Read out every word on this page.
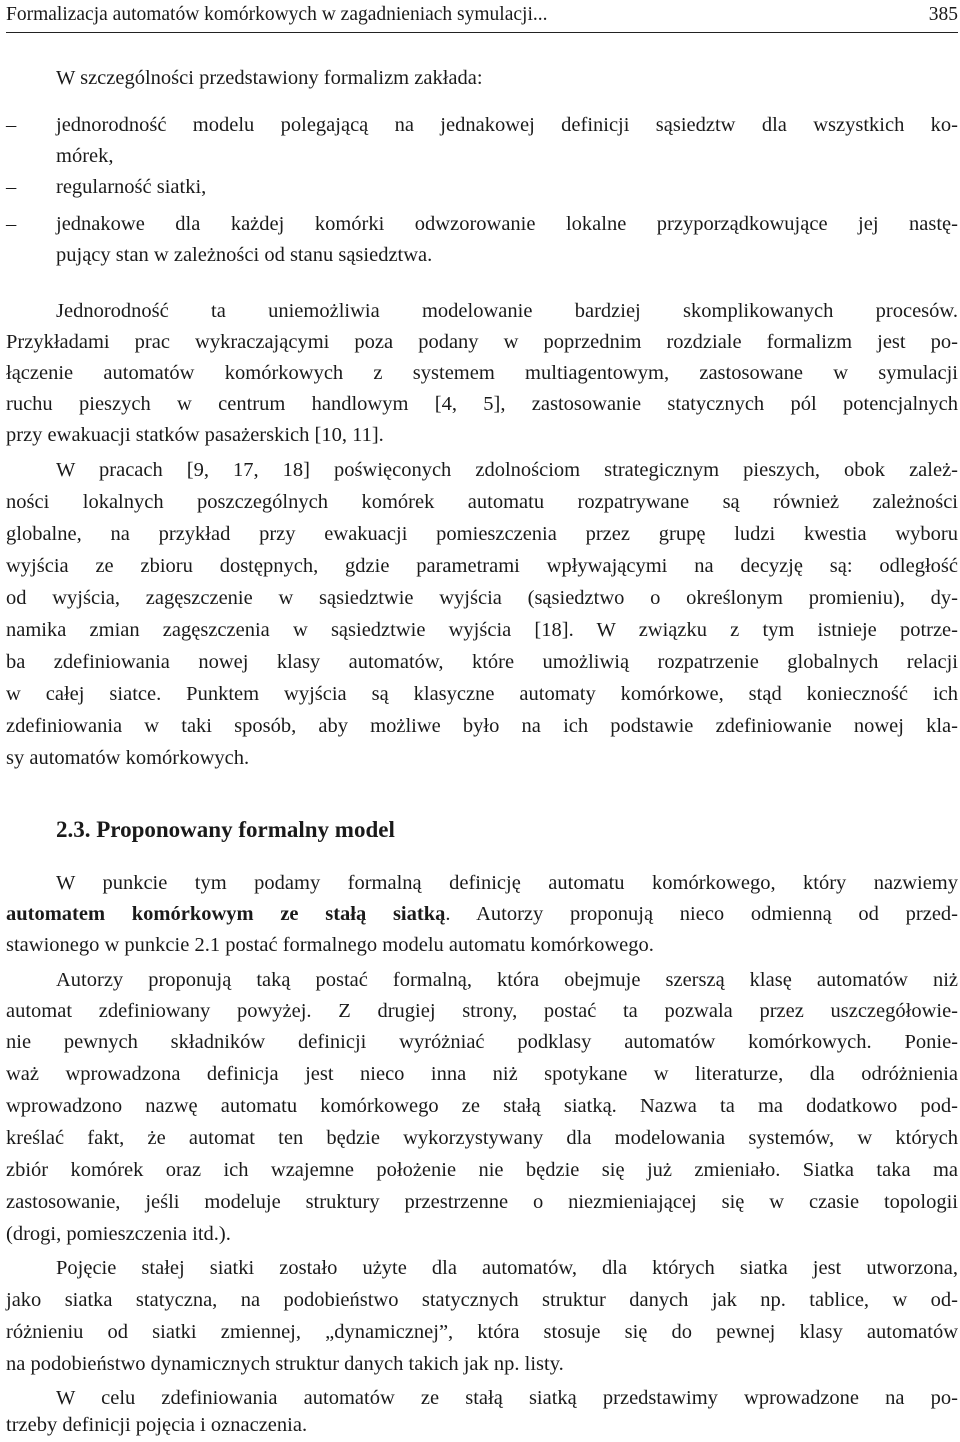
Formalizacja automatów komórkowych w zagadnieniach symulacji...	385
W szczególności przedstawiony formalizm zakłada:
– jednorodność modelu polegającą na jednakowej definicji sąsiedztw dla wszystkich ko-
mórek,
– regularność siatki,
– jednakowe dla każdej komórki odwzorowanie lokalne przyporządkowujące jej nastę-
pujący stan w zależności od stanu sąsiedztwa.
Jednorodność ta uniemożliwia modelowanie bardziej skomplikowanych procesów.
Przykładami prac wykraczającymi poza podany w poprzednim rozdziale formalizm jest po-
łączenie automatów komórkowych z systemem multiagentowym, zastosowane w symulacji
ruchu pieszych w centrum handlowym [4, 5], zastosowanie statycznych pól potencjalnych
przy ewakuacji statków pasażerskich [10, 11].
W pracach [9, 17, 18] poświęconych zdolnościom strategicznym pieszych, obok zależ-
ności lokalnych poszczególnych komórek automatu rozpatrywane są również zależności
globalne, na przykład przy ewakuacji pomieszczenia przez grupę ludzi kwestia wyboru
wyjścia ze zbioru dostępnych, gdzie parametrami wpływającymi na decyzję są: odległość
od wyjścia, zagęszczenie w sąsiedztwie wyjścia (sąsiedztwo o określonym promieniu), dy-
namika zmian zagęszczenia w sąsiedztwie wyjścia [18]. W związku z tym istnieje potrze-
ba zdefiniowania nowej klasy automatów, które umożliwią rozpatrzenie globalnych relacji
w całej siatce. Punktem wyjścia są klasyczne automaty komórkowe, stąd konieczność ich
zdefiniowania w taki sposób, aby możliwe było na ich podstawie zdefiniowanie nowej kla-
sy automatów komórkowych.
2.3. Proponowany formalny model
W punkcie tym podamy formalną definicję automatu komórkowego, który nazwiemy
automatem komórkowym ze stałą siatką. Autorzy proponują nieco odmienną od przed-
stawionego w punkcie 2.1 postać formalnego modelu automatu komórkowego.
Autorzy proponują taką postać formalną, która obejmuje szerszą klasę automatów niż
automat zdefiniowany powyżej. Z drugiej strony, postać ta pozwala przez uszczegółowie-
nie pewnych składników definicji wyróżniać podklasy automatów komórkowych. Ponie-
waż wprowadzona definicja jest nieco inna niż spotykane w literaturze, dla odróżnienia
wprowadzono nazwę automatu komórkowego ze stałą siatką. Nazwa ta ma dodatkowo pod-
kreślać fakt, że automat ten będzie wykorzystywany dla modelowania systemów, w których
zbiór komórek oraz ich wzajemne położenie nie będzie się już zmieniało. Siatka taka ma
zastosowanie, jeśli modeluje struktury przestrzenne o niezmieniającej się w czasie topologii
(drogi, pomieszczenia itd.).
Pojęcie stałej siatki zostało użyte dla automatów, dla których siatka jest utworzona,
jako siatka statyczna, na podobieństwo statycznych struktur danych jak np. tablice, w od-
różnieniu od siatki zmiennej, „dynamicznej”, która stosuje się do pewnej klasy automatów
na podobieństwo dynamicznych struktur danych takich jak np. listy.
W celu zdefiniowania automatów ze stałą siatką przedstawimy wprowadzone na po-
trzeby definicji pojęcia i oznaczenia.
